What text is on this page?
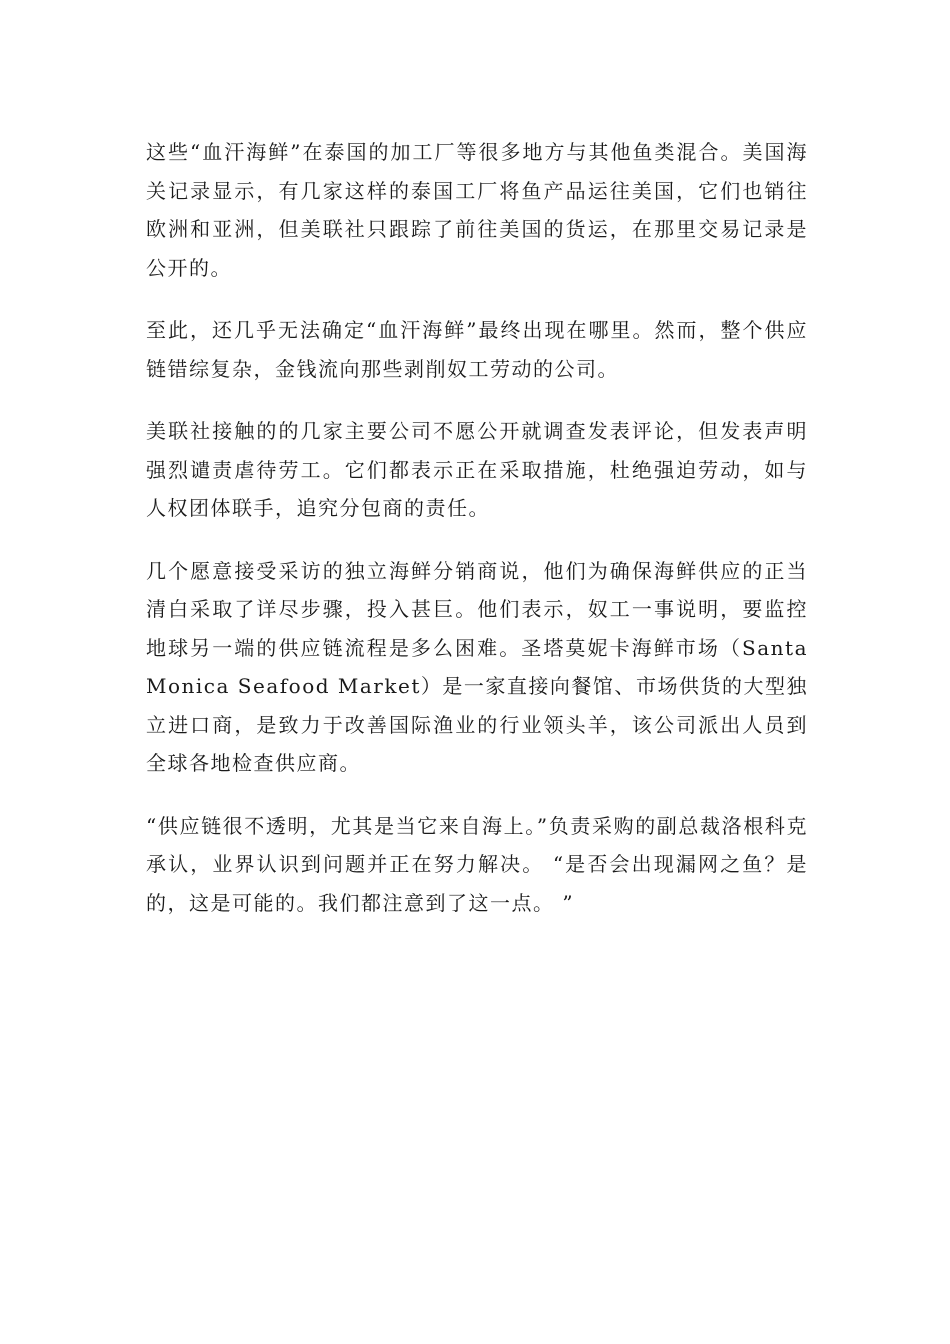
这些“血汗海鲜”在泰国的加工厂等很多地方与其他鱼类混合。美国海关记录显示，有几家这样的泰国工厂将鱼产品运往美国，它们也销往欧洲和亚洲，但美联社只跟踪了前往美国的货运，在那里交易记录是公开的。

至此，还几乎无法确定“血汗海鲜”最终出现在哪里。然而，整个供应链错综复杂，金钱流向那些剥削奴工劳动的公司。

美联社接触的的几家主要公司不愿公开就调查发表评论，但发表声明强烈谴责虐待劳工。它们都表示正在采取措施，杜绝强迫劳动，如与人权团体联手，追究分包商的责任。

几个愿意接受采访的独立海鲜分销商说，他们为确保海鲜供应的正当清白采取了详尽步骤，投入甚巨。他们表示，奴工一事说明，要监控地球另一端的供应链流程是多么困难。圣塔莫妮卡海鲜市场（Santa Monica Seafood Market）是一家直接向餐馆、市场供货的大型独立进口商，是致力于改善国际渔业的行业领头羊，该公司派出人员到全球各地检查供应商。

“供应链很不透明，尤其是当它来自海上。”负责采购的副总裁洛根科克承认，业界认识到问题并正在努力解决。 “是否会出现漏网之鱼？是的，这是可能的。我们都注意到了这一点。 ”
